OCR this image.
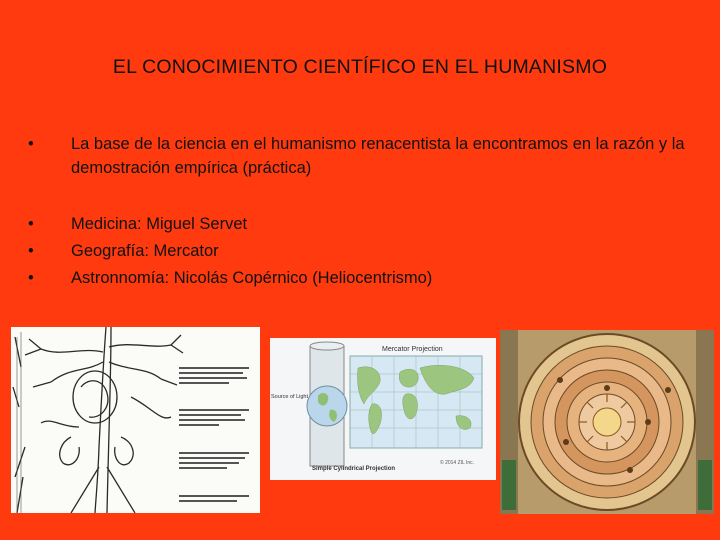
EL CONOCIMIENTO CIENTÍFICO EN EL HUMANISMO
• La base de la ciencia en el humanismo renacentista la encontramos en la razón y la demostración empírica (práctica)
• Medicina: Miguel Servet
• Geografía: Mercator
• Astronnomía: Nicolás Copérnico (Heliocentrismo)
Mercator Projection
Source of Light
Simple Cylindrical Projection
© 2014 ZIL Inc.
